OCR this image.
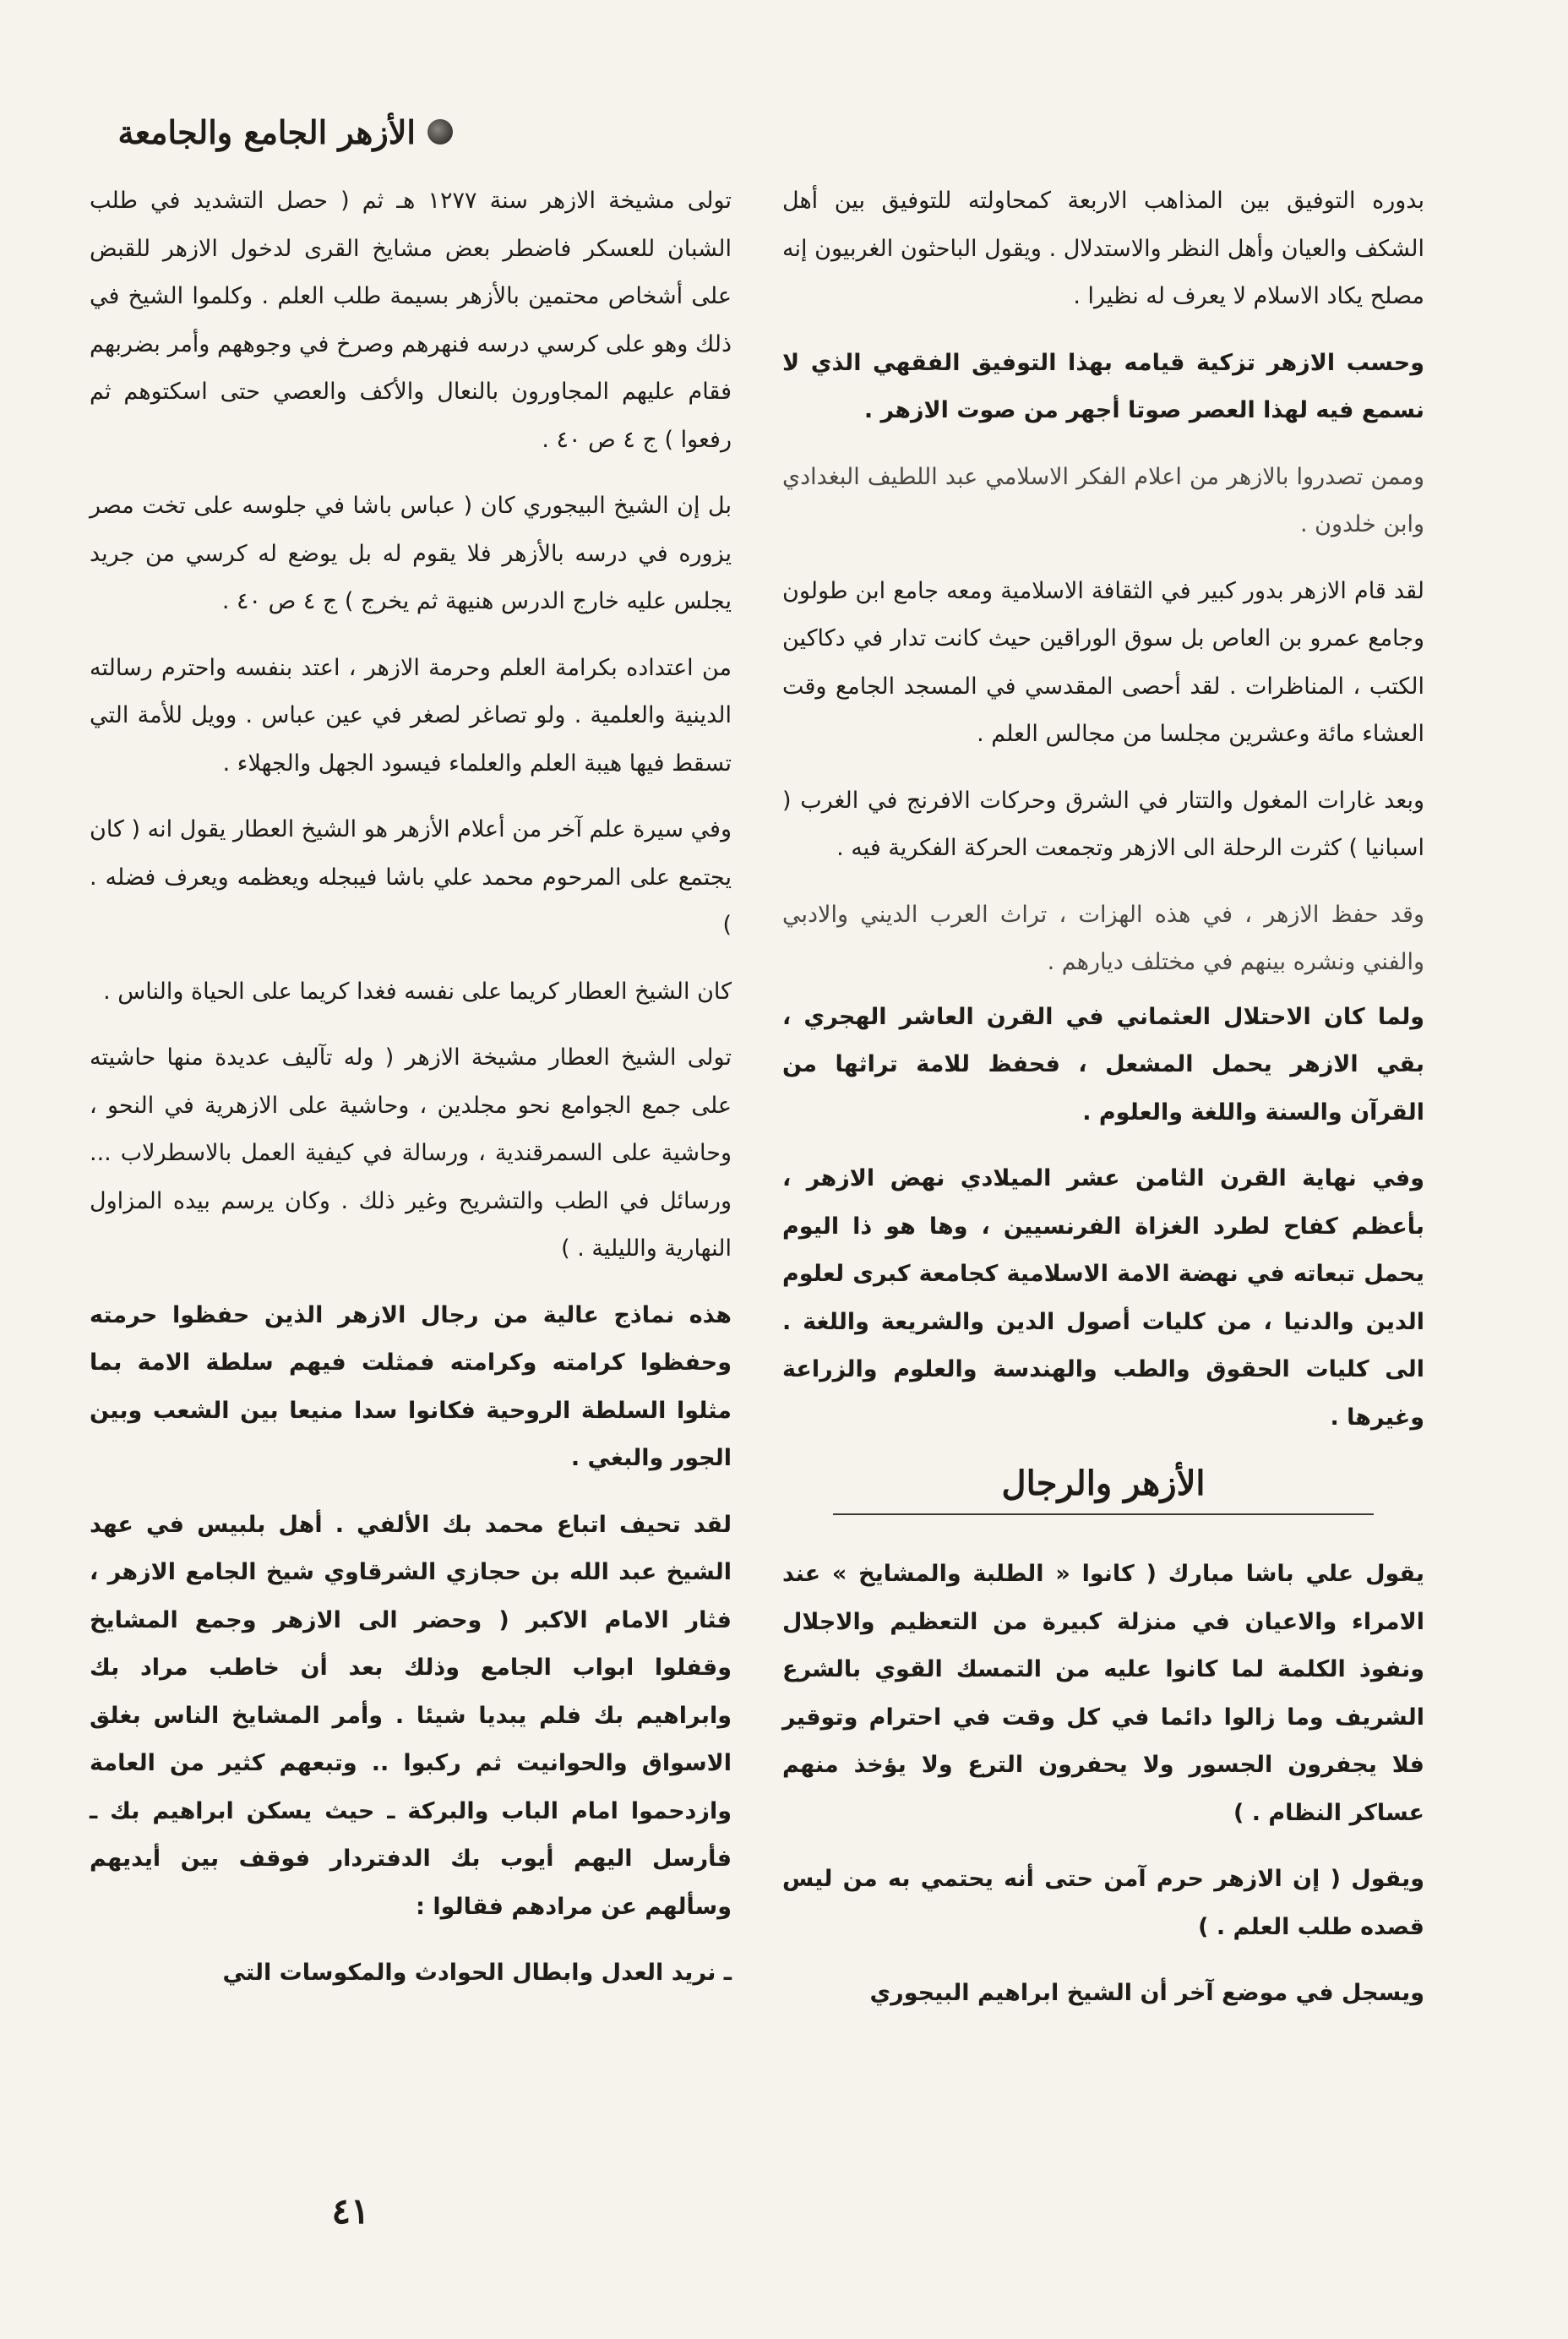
الأزهر الجامع والجامعة

بدوره التوفيق بين المذاهب الاربعة كمحاولته للتوفيق بين أهل الشكف والعيان وأهل النظر والاستدلال . ويقول الباحثون الغربيون إنه مصلح يكاد الاسلام لا يعرف له نظيرا .

وحسب الازهر تزكية قيامه بهذا التوفيق الفقهي الذي لا نسمع فيه لهذا العصر صوتا أجهر من صوت الازهر .

وممن تصدروا بالازهر من اعلام الفكر الاسلامي عبد اللطيف البغدادي وابن خلدون .

لقد قام الازهر بدور كبير في الثقافة الاسلامية ومعه جامع ابن طولون وجامع عمرو بن العاص بل سوق الوراقين حيث كانت تدار في دكاكين الكتب ، المناظرات . لقد أحصى المقدسي في المسجد الجامع وقت العشاء مائة وعشرين مجلسا من مجالس العلم .

وبعد غارات المغول والتتار في الشرق وحركات الافرنج في الغرب ( اسبانيا ) كثرت الرحلة الى الازهر وتجمعت الحركة الفكرية فيه .

وقد حفظ الازهر ، في هذه الهزات ، تراث العرب الديني والادبي والفني ونشره بينهم في مختلف ديارهم .

ولما كان الاحتلال العثماني في القرن العاشر الهجري ، بقي الازهر يحمل المشعل ، فحفظ للامة تراثها من القرآن والسنة واللغة والعلوم .

وفي نهاية القرن الثامن عشر الميلادي نهض الازهر ، بأعظم كفاح لطرد الغزاة الفرنسيين ، وها هو ذا اليوم يحمل تبعاته في نهضة الامة الاسلامية كجامعة كبرى لعلوم الدين والدنيا ، من كليات أصول الدين والشريعة واللغة . الى كليات الحقوق والطب والهندسة والعلوم والزراعة وغيرها .

الأزهر والرجال

يقول علي باشا مبارك ( كانوا « الطلبة والمشايخ » عند الامراء والاعيان في منزلة كبيرة من التعظيم والاجلال ونفوذ الكلمة لما كانوا عليه من التمسك القوي بالشرع الشريف وما زالوا دائما في كل وقت في احترام وتوقير فلا يجفرون الجسور ولا يحفرون الترع ولا يؤخذ منهم عساكر النظام . )

ويقول ( إن الازهر حرم آمن حتى أنه يحتمي به من ليس قصده طلب العلم . )

ويسجل في موضع آخر أن الشيخ ابراهيم البيجوري

تولى مشيخة الازهر سنة ١٢٧٧ هـ ثم ( حصل التشديد في طلب الشبان للعسكر فاضطر بعض مشايخ القرى لدخول الازهر للقبض على أشخاص محتمين بالأزهر بسيمة طلب العلم . وكلموا الشيخ في ذلك وهو على كرسي درسه فنهرهم وصرخ في وجوههم وأمر بضربهم فقام عليهم المجاورون بالنعال والأكف والعصي حتى اسكتوهم ثم رفعوا ) ج ٤ ص ٤٠ .

بل إن الشيخ البيجوري كان ( عباس باشا في جلوسه على تخت مصر يزوره في درسه بالأزهر فلا يقوم له بل يوضع له كرسي من جريد يجلس عليه خارج الدرس هنيهة ثم يخرج ) ج ٤ ص ٤٠ .

من اعتداده بكرامة العلم وحرمة الازهر ، اعتد بنفسه واحترم رسالته الدينية والعلمية . ولو تصاغر لصغر في عين عباس . وويل للأمة التي تسقط فيها هيبة العلم والعلماء فيسود الجهل والجهلاء .

وفي سيرة علم آخر من أعلام الأزهر هو الشيخ العطار يقول انه ( كان يجتمع على المرحوم محمد علي باشا فيبجله ويعظمه ويعرف فضله . )

كان الشيخ العطار كريما على نفسه فغدا كريما على الحياة والناس .

تولى الشيخ العطار مشيخة الازهر ( وله تآليف عديدة منها حاشيته على جمع الجوامع نحو مجلدين ، وحاشية على الازهرية في النحو ، وحاشية على السمرقندية ، ورسالة في كيفية العمل بالاسطرلاب ... ورسائل في الطب والتشريح وغير ذلك . وكان يرسم بيده المزاول النهارية والليلية . )

هذه نماذج عالية من رجال الازهر الذين حفظوا حرمته وحفظوا كرامته وكرامته فمثلت فيهم سلطة الامة بما مثلوا السلطة الروحية فكانوا سدا منيعا بين الشعب وبين الجور والبغي .

لقد تحيف اتباع محمد بك الألفي . أهل بلبيس في عهد الشيخ عبد الله بن حجازي الشرقاوي شيخ الجامع الازهر ، فثار الامام الاكبر ( وحضر الى الازهر وجمع المشايخ وقفلوا ابواب الجامع وذلك بعد أن خاطب مراد بك وابراهيم بك فلم يبديا شيئا . وأمر المشايخ الناس بغلق الاسواق والحوانيت ثم ركبوا .. وتبعهم كثير من العامة وازدحموا امام الباب والبركة ـ حيث يسكن ابراهيم بك ـ فأرسل اليهم أيوب بك الدفتردار فوقف بين أيديهم وسألهم عن مرادهم فقالوا :

ـ نريد العدل وابطال الحوادث والمكوسات التي

٤١
